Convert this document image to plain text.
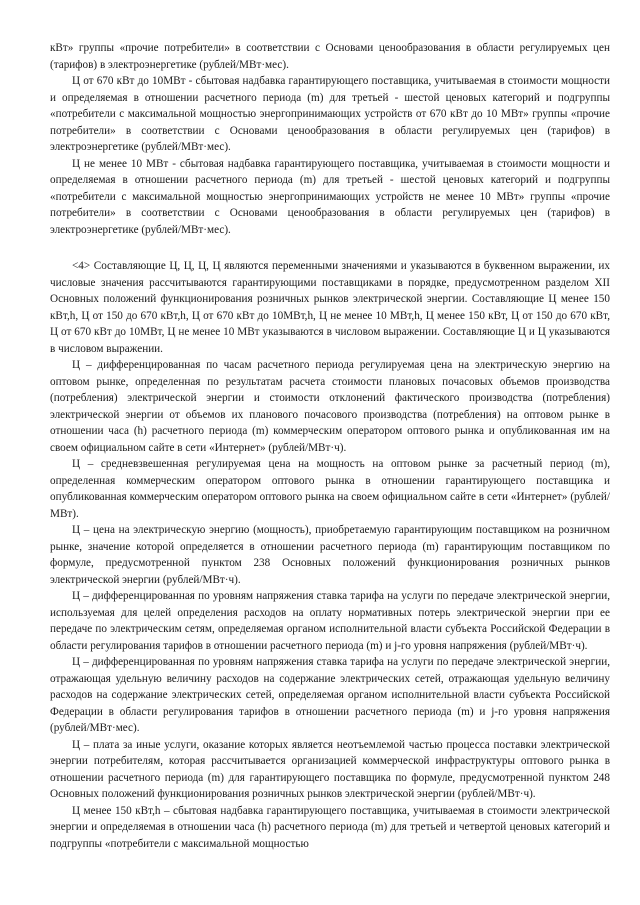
кВт» группы «прочие потребители» в соответствии с Основами ценообразования в области регулируемых цен (тарифов) в электроэнергетике (рублей/МВт·мес).

Ц от 670 кВт до 10МВт - сбытовая надбавка гарантирующего поставщика, учитываемая в стоимости мощности и определяемая в отношении расчетного периода (m) для третьей - шестой ценовых категорий и подгруппы «потребители с максимальной мощностью энергопринимающих устройств от 670 кВт до 10 МВт» группы «прочие потребители» в соответствии с Основами ценообразования в области регулируемых цен (тарифов) в электроэнергетике (рублей/МВт·мес).

Ц не менее 10 МВт - сбытовая надбавка гарантирующего поставщика, учитываемая в стоимости мощности и определяемая в отношении расчетного периода (m) для третьей - шестой ценовых категорий и подгруппы «потребители с максимальной мощностью энергопринимающих устройств не менее 10 МВт» группы «прочие потребители» в соответствии с Основами ценообразования в области регулируемых цен (тарифов) в электроэнергетике (рублей/МВт·мес).

<4> Составляющие Ц, Ц, Ц, Ц являются переменными значениями и указываются в буквенном выражении, их числовые значения рассчитываются гарантирующими поставщиками в порядке, предусмотренном разделом XII Основных положений функционирования розничных рынков электрической энергии. Составляющие Ц менее 150 кВт,h, Ц от 150 до 670 кВт,h, Ц от 670 кВт до 10МВт,h, Ц не менее 10 МВт,h, Ц менее 150 кВт, Ц от 150 до 670 кВт, Ц от 670 кВт до 10МВт, Ц не менее 10 МВт указываются в числовом выражении. Составляющие Ц и Ц указываются в числовом выражении.

Ц – дифференцированная по часам расчетного периода регулируемая цена на электрическую энергию на оптовом рынке, определенная по результатам расчета стоимости плановых почасовых объемов производства (потребления) электрической энергии и стоимости отклонений фактического производства (потребления) электрической энергии от объемов их планового почасового производства (потребления) на оптовом рынке в отношении часа (h) расчетного периода (m) коммерческим оператором оптового рынка и опубликованная им на своем официальном сайте в сети «Интернет» (рублей/МВт·ч).

Ц – средневзвешенная регулируемая цена на мощность на оптовом рынке за расчетный период (m), определенная коммерческим оператором оптового рынка в отношении гарантирующего поставщика и опубликованная коммерческим оператором оптового рынка на своем официальном сайте в сети «Интернет» (рублей/МВт).

Ц – цена на электрическую энергию (мощность), приобретаемую гарантирующим поставщиком на розничном рынке, значение которой определяется в отношении расчетного периода (m) гарантирующим поставщиком по формуле, предусмотренной пунктом 238 Основных положений функционирования розничных рынков электрической энергии (рублей/МВт·ч).

Ц – дифференцированная по уровням напряжения ставка тарифа на услуги по передаче электрической энергии, используемая для целей определения расходов на оплату нормативных потерь электрической энергии при ее передаче по электрическим сетям, определяемая органом исполнительной власти субъекта Российской Федерации в области регулирования тарифов в отношении расчетного периода (m) и j-го уровня напряжения (рублей/МВт·ч).

Ц – дифференцированная по уровням напряжения ставка тарифа на услуги по передаче электрической энергии, отражающая удельную величину расходов на содержание электрических сетей, отражающая удельную величину расходов на содержание электрических сетей, определяемая органом исполнительной власти субъекта Российской Федерации в области регулирования тарифов в отношении расчетного периода (m) и j-го уровня напряжения (рублей/МВт·мес).

Ц – плата за иные услуги, оказание которых является неотъемлемой частью процесса поставки электрической энергии потребителям, которая рассчитывается организацией коммерческой инфраструктуры оптового рынка в отношении расчетного периода (m) для гарантирующего поставщика по формуле, предусмотренной пунктом 248 Основных положений функционирования розничных рынков электрической энергии (рублей/МВт·ч).

Ц менее 150 кВт,h – сбытовая надбавка гарантирующего поставщика, учитываемая в стоимости электрической энергии и определяемая в отношении часа (h) расчетного периода (m) для третьей и четвертой ценовых категорий и подгруппы «потребители с максимальной мощностью
